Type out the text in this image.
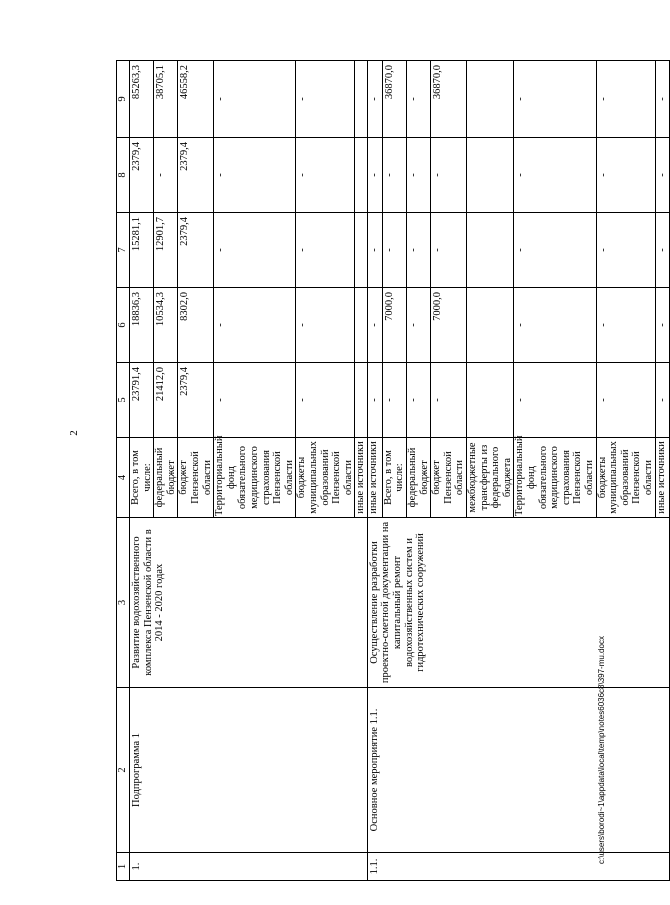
2
1	2	3	4	5	6	7	8	9
1.	Подпрограмма 1	Развитие водохозяйственного комплекса Пензенской области в 2014 - 2020 годах	Всего, в том числе:	23791,4	18836,3	15281,1	2379,4	85263,3
			федеральный бюджет	21412,0	10534,3	12901,7	-	38705,1
			бюджет Пензенской области	2379,4	8302,0	2379,4	2379,4	46558,2
			Территориальный фонд обязательного медицинского страхования Пензенской области	-	-	-	-	-
			бюджеты муниципальных образований Пензенской области	-	-	-	-	-
			иные источники					
1.1.	Основное мероприятие 1.1.	Осуществление разработки проектно-сметной документации на капитальный ремонт водохозяйственных систем и гидротехнических сооружений	иные источники	-	-	-	-	-
			Всего, в том числе:	-	7000,0	-	-	36870,0
			федеральный бюджет	-	-	-	-	-
			бюджет Пензенской области	-	7000,0	-	-	36870,0
			межбюджетные трансферты из федерального бюджета					
			Территориальный фонд обязательного медицинского страхования Пензенской области	-	-	-	-	-
			бюджеты муниципальных образований Пензенской области	-	-	-	-	-
			иные источники	-	-	-	-	-
c:\users\borodi~1\appdata\local\temp\notes6036c8\397-mu.docx
